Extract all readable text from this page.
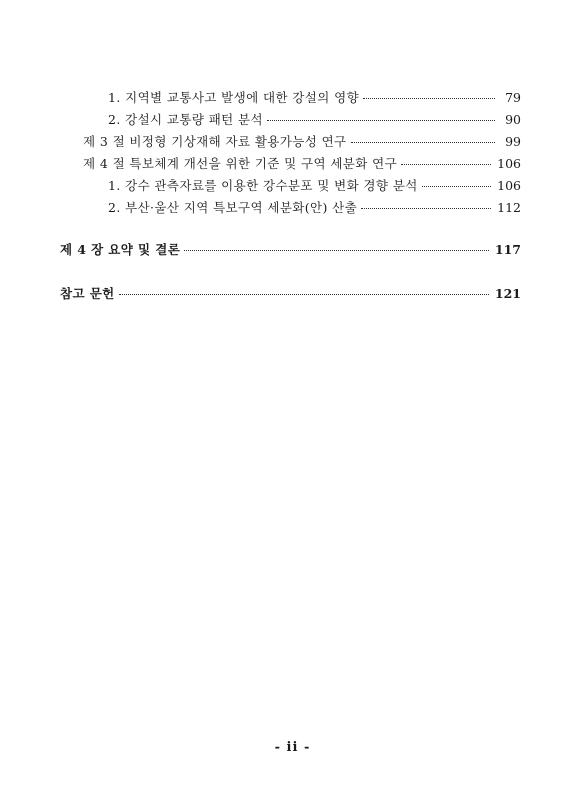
1. 지역별 교통사고 발생에 대한 강설의 영향	79
2. 강설시 교통량 패턴 분석	90
제 3 절 비정형 기상재해 자료 활용가능성 연구	99
제 4 절 특보체계 개선을 위한 기준 및 구역 세분화 연구	106
1. 강수 관측자료를 이용한 강수분포 및 변화 경향 분석	106
2. 부산·울산 지역 특보구역 세분화(안) 산출	112
제 4 장 요약 및 결론	117
참고 문헌	121
- ii -
